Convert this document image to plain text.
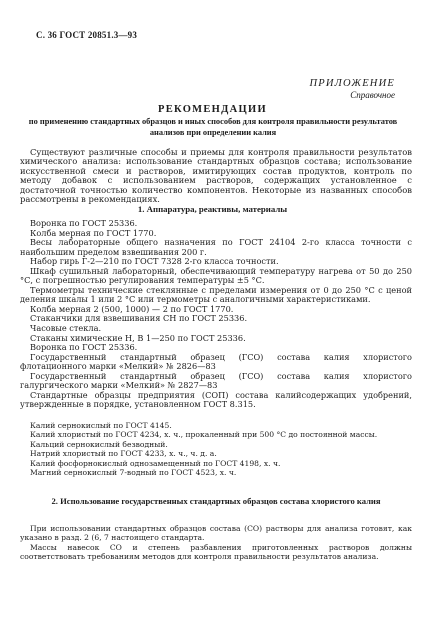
С. 36 ГОСТ 20851.3—93
ПРИЛОЖЕНИЕ
Справочное
РЕКОМЕНДАЦИИ
по применению стандартных образцов и иных способов для контроля правильности результатов анализов при определении калия

Существуют различные способы и приемы для контроля правильности результатов химического анализа: использование стандартных образцов состава; использование искусственной смеси и растворов, имитирующих состав продуктов, контроль по методу добавок с использованием растворов, содержащих установленное с достаточной точностью количество компонентов. Некоторые из названных способов рассмотрены в рекомендациях.

1. Аппаратура, реактивы, материалы

Воронка по ГОСТ 25336.

Колба мерная по ГОСТ 1770.

Весы лабораторные общего назначения по ГОСТ 24104 2-го класса точности с наибольшим пределом взвешивания 200 г.

Набор гирь Г-2—210 по ГОСТ 7328 2-го класса точности.

Шкаф сушильный лабораторный, обеспечивающий температуру нагрева от 50 до 250 °С, с погрешностью регулирования температуры ±5 °С.

Термометры технические стеклянные с пределами измерения от 0 до 250 °С с ценой деления шкалы 1 или 2 °С или термометры с аналогичными характеристиками.

Колба мерная 2 (500, 1000) — 2 по ГОСТ 1770.

Стаканчики для взвешивания СН по ГОСТ 25336.

Часовые стекла.

Стаканы химические Н, В 1—250 по ГОСТ 25336.

Воронка по ГОСТ 25336.

Государственный стандартный образец (ГСО) состава калия хлористого флотационного марки «Мелкий» № 2826—83

Государственный стандартный образец (ГСО) состава калия хлористого галургического марки «Мелкий» № 2827—83

Стандартные образцы предприятия (СОП) состава калийсодержащих удобрений, утвержденные в порядке, установленном ГОСТ 8.315.

Калий сернокислый по ГОСТ 4145.

Калий хлористый по ГОСТ 4234, х. ч., прокаленный при 500 °С до постоянной массы.

Кальций сернокислый безводный.

Натрий хлористый по ГОСТ 4233, х. ч., ч. д. а.

Калий фосфорнокислый однозамещенный по ГОСТ 4198, х. ч.

Магний сернокислый 7-водный по ГОСТ 4523, х. ч.

2. Использование государственных стандартных образцов состава хлористого калия

При использовании стандартных образцов состава (СО) растворы для анализа готовят, как указано в разд. 2 (6, 7 настоящего стандарта.

Массы навесок СО и степень разбавления приготовленных растворов должны соответствовать требованиям методов для контроля правильности результатов анализа.
